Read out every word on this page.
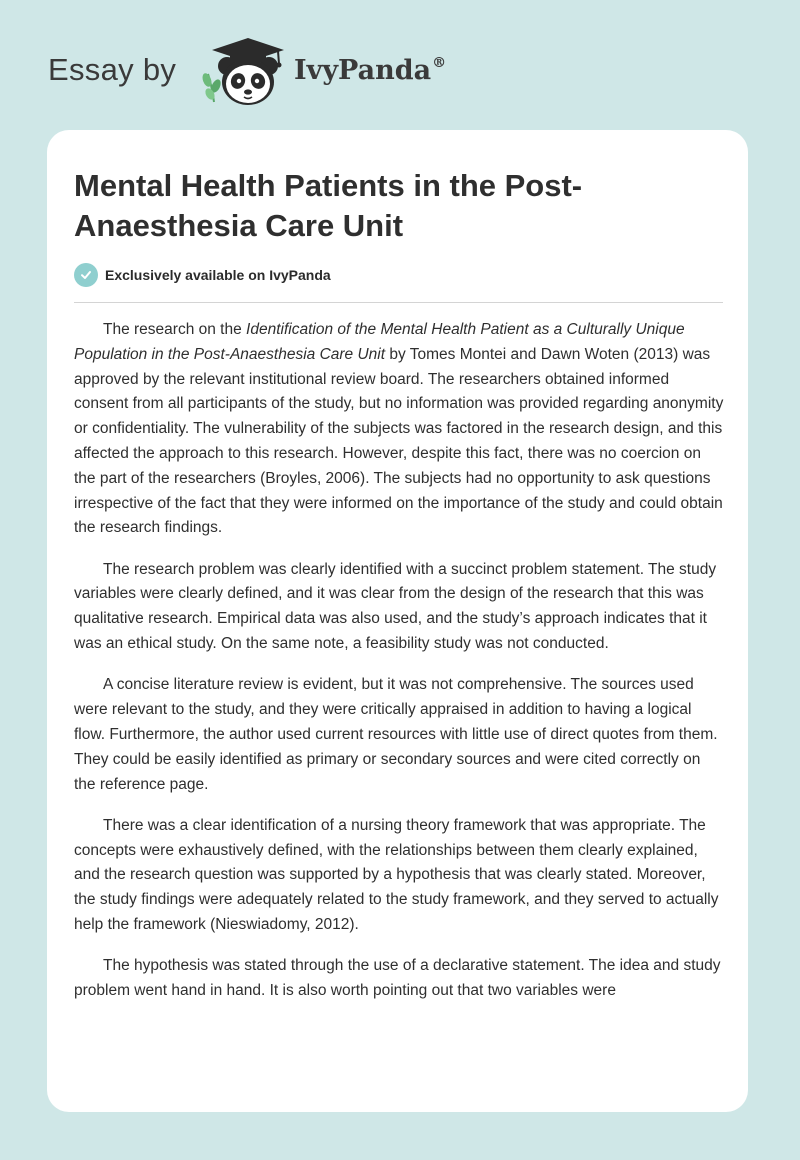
Essay by	IvyPanda®
Mental Health Patients in the Post-Anaesthesia Care Unit
Exclusively available on IvyPanda

The research on the Identification of the Mental Health Patient as a Culturally Unique Population in the Post-Anaesthesia Care Unit by Tomes Montei and Dawn Woten (2013) was approved by the relevant institutional review board. The researchers obtained informed consent from all participants of the study, but no information was provided regarding anonymity or confidentiality. The vulnerability of the subjects was factored in the research design, and this affected the approach to this research. However, despite this fact, there was no coercion on the part of the researchers (Broyles, 2006). The subjects had no opportunity to ask questions irrespective of the fact that they were informed on the importance of the study and could obtain the research findings.

The research problem was clearly identified with a succinct problem statement. The study variables were clearly defined, and it was clear from the design of the research that this was qualitative research. Empirical data was also used, and the study’s approach indicates that it was an ethical study. On the same note, a feasibility study was not conducted.

A concise literature review is evident, but it was not comprehensive. The sources used were relevant to the study, and they were critically appraised in addition to having a logical flow. Furthermore, the author used current resources with little use of direct quotes from them. They could be easily identified as primary or secondary sources and were cited correctly on the reference page.

There was a clear identification of a nursing theory framework that was appropriate. The concepts were exhaustively defined, with the relationships between them clearly explained, and the research question was supported by a hypothesis that was clearly stated. Moreover, the study findings were adequately related to the study framework, and they served to actually help the framework (Nieswiadomy, 2012).

The hypothesis was stated through the use of a declarative statement. The idea and study problem went hand in hand. It is also worth pointing out that two variables were
